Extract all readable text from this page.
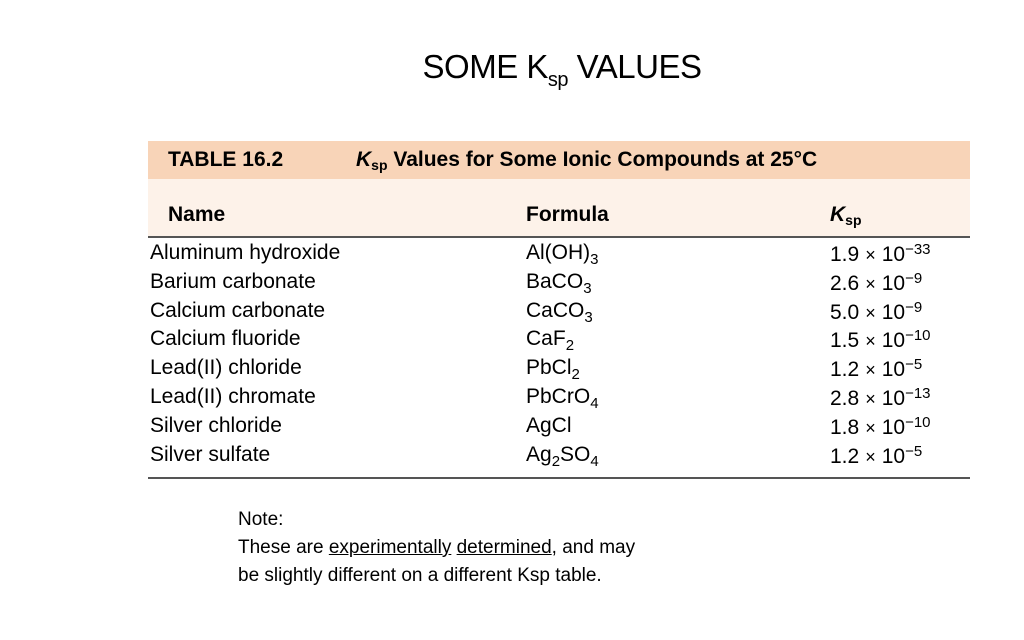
SOME $K_{sp}$ VALUES
TABLE 16.2	$K_{sp}$ Values for Some Ionic Compounds at 25°C
Name	Formula	$K_{sp}$
Aluminum hydroxide	$Al(OH)_3$	$1.9 \times 10^{-33}$
Barium carbonate	BaCO$_3$	$2.6 \times 10^{-9}$
Calcium carbonate	CaCO$_3$	$5.0 \times 10^{-9}$
Calcium fluoride	CaF$_2$	$1.5 \times 10^{-10}$
Lead(II) chloride	PbCl$_2$	$1.2 \times 10^{-5}$
Lead(II) chromate	PbCrO$_4$	$2.8 \times 10^{-13}$
Silver chloride	AgCl	$1.8 \times 10^{-10}$
Silver sulfate	$Ag_2SO_4$	$1.2 \times 10^{-5}$
Note:
These are experimentally determined, and may
be slightly different on a different Ksp table.
